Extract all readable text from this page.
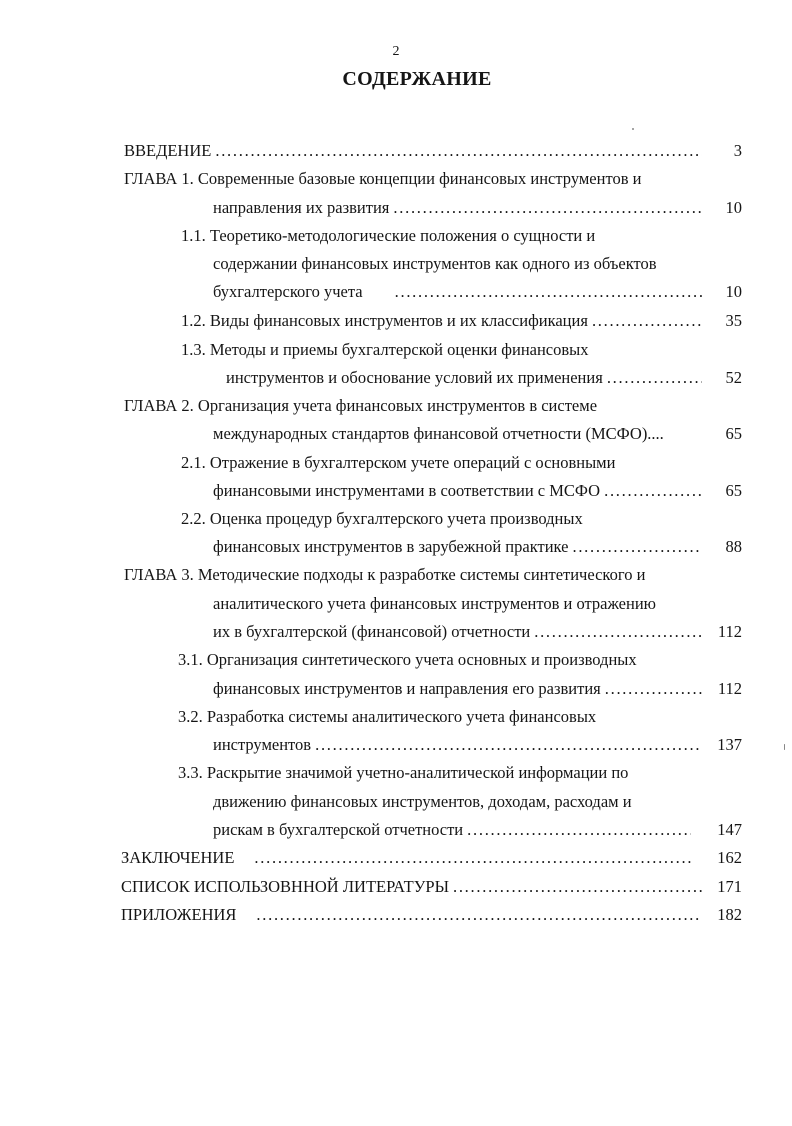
2
СОДЕРЖАНИЕ
ВВЕДЕНИЕ . . .	3
ГЛАВА 1. Современные базовые концепции финансовых инструментов и
направления их развития . . .	10
1.1. Теоретико-методологические положения о сущности и
содержании финансовых инструментов как одного из объектов
бухгалтерского учета . . .	10
1.2. Виды финансовых инструментов и их классификация . . .	35
1.3. Методы и приемы бухгалтерской оценки финансовых
инструментов и обоснование условий их применения . . .	52
ГЛАВА 2. Организация учета финансовых инструментов в системе
международных стандартов финансовой отчетности (МСФО)....	65
2.1. Отражение в бухгалтерском учете операций с основными
финансовыми инструментами в соответствии с МСФО . . .	65
2.2. Оценка процедур бухгалтерского учета производных
финансовых инструментов в зарубежной практике . . .	88
ГЛАВА 3. Методические подходы к разработке системы синтетического и
аналитического учета финансовых инструментов и отражению
их в бухгалтерской (финансовой) отчетности . . .	112
3.1. Организация синтетического учета основных и производных
финансовых инструментов и направления его развития . . .	112
3.2. Разработка системы аналитического учета финансовых
инструментов . . .	137
3.3. Раскрытие значимой учетно-аналитической информации по
движению финансовых инструментов, доходам, расходам и
рискам в бухгалтерской отчетности . . .	147
ЗАКЛЮЧЕНИЕ . . .	162
СПИСОК ИСПОЛЬЗОВННОЙ ЛИТЕРАТУРЫ . . .	171
ПРИЛОЖЕНИЯ . . .	182
